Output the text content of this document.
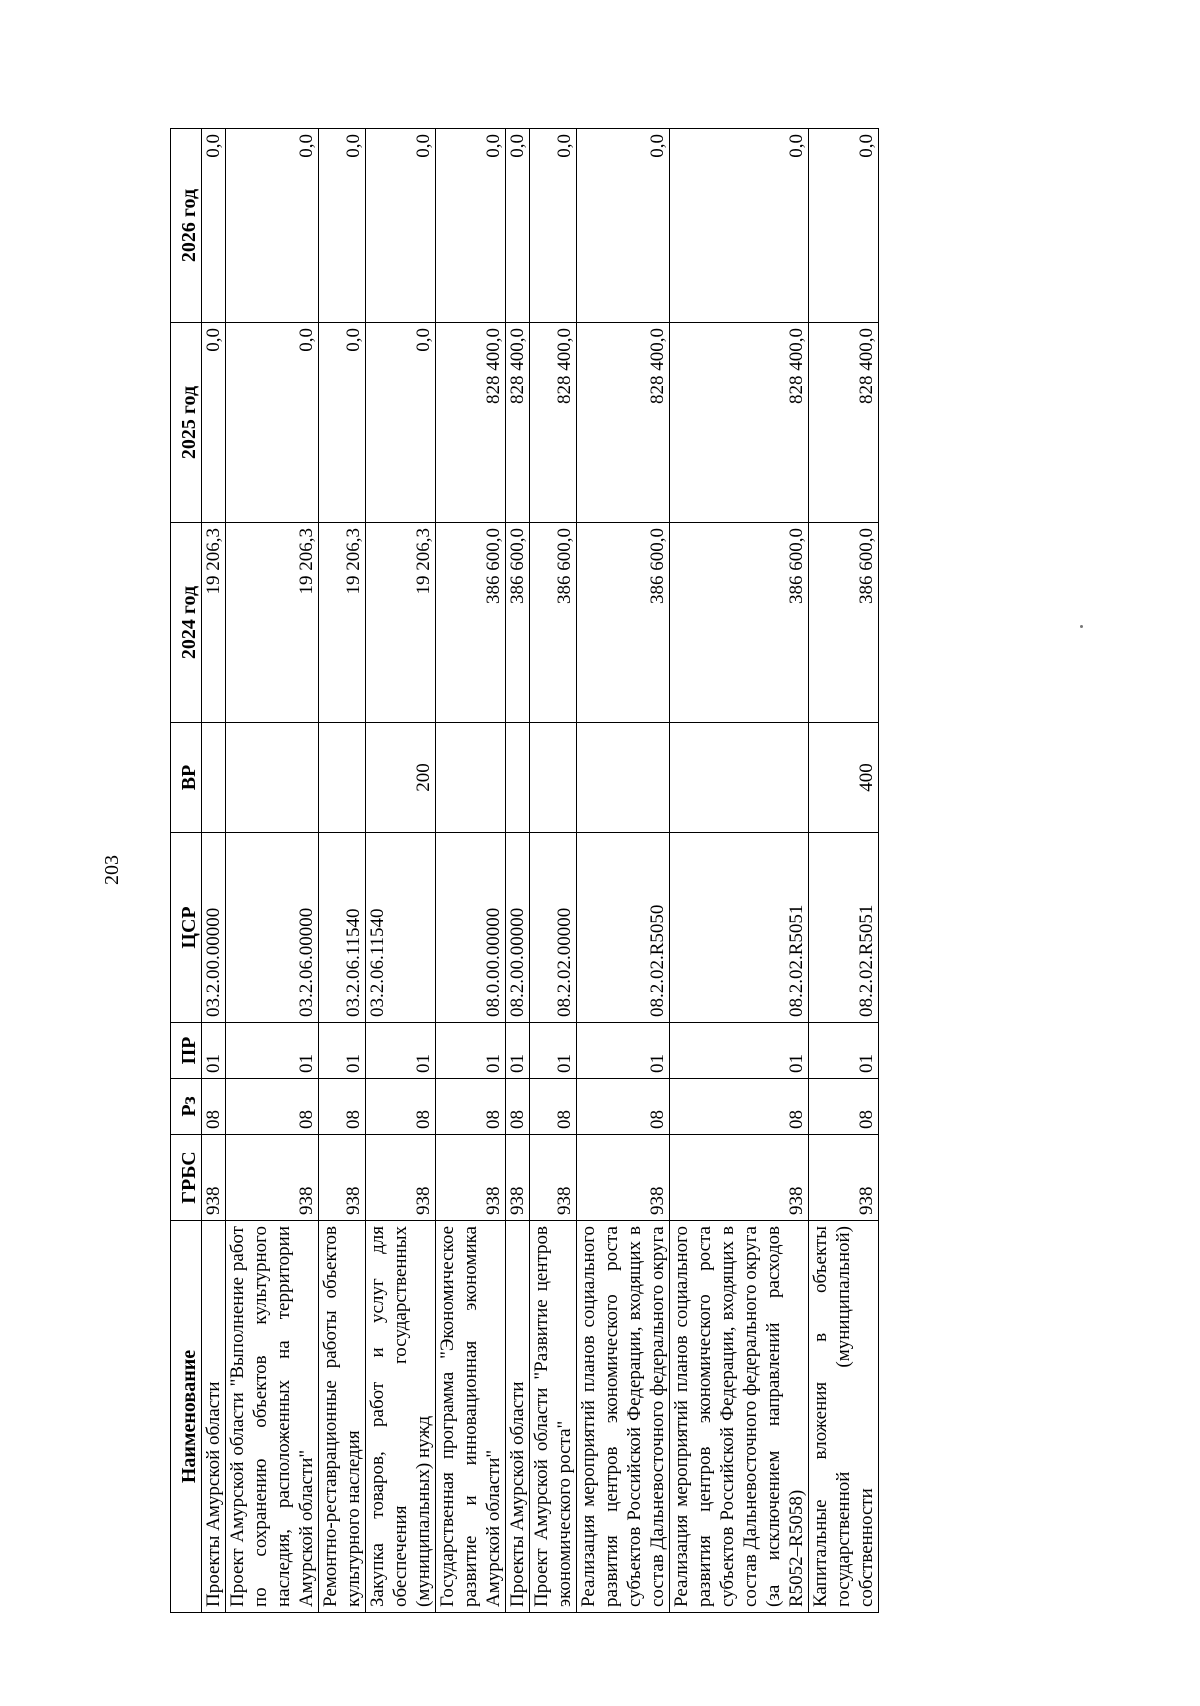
203
Наименование	ГРБС	Рз	ПР	ЦСР	ВР	2024 год	2025 год	2026 год
Проекты Амурской области	938	08	01	03.2.00.00000		19 206,3	0,0	0,0
Проект Амурской области "Выполнение работ по сохранению объектов культурного наследия, расположенных на территории Амурской области"	938	08	01	03.2.06.00000		19 206,3	0,0	0,0
Ремонтно-реставрационные работы объектов культурного наследия	938	08	01	03.2.06.11540		19 206,3	0,0	0,0
Закупка товаров, работ и услуг для обеспечения государственных (муниципальных) нужд	938	08	01	03.2.06.11540	200	19 206,3	0,0	0,0
Государственная программа "Экономическое развитие и инновационная экономика Амурской области"	938	08	01	08.0.00.00000		386 600,0	828 400,0	0,0
Проекты Амурской области	938	08	01	08.2.00.00000		386 600,0	828 400,0	0,0
Проект Амурской области "Развитие центров экономического роста"	938	08	01	08.2.02.00000		386 600,0	828 400,0	0,0
Реализация мероприятий планов социального развития центров экономического роста субъектов Российской Федерации, входящих в состав Дальневосточного федерального округа	938	08	01	08.2.02.R5050		386 600,0	828 400,0	0,0
Реализация мероприятий планов социального развития центров экономического роста субъектов Российской Федерации, входящих в состав Дальневосточного федерального округа (за исключением направлений расходов R5052–R5058)	938	08	01	08.2.02.R5051		386 600,0	828 400,0	0,0
Капитальные вложения в объекты государственной (муниципальной) собственности	938	08	01	08.2.02.R5051	400	386 600,0	828 400,0	0,0
